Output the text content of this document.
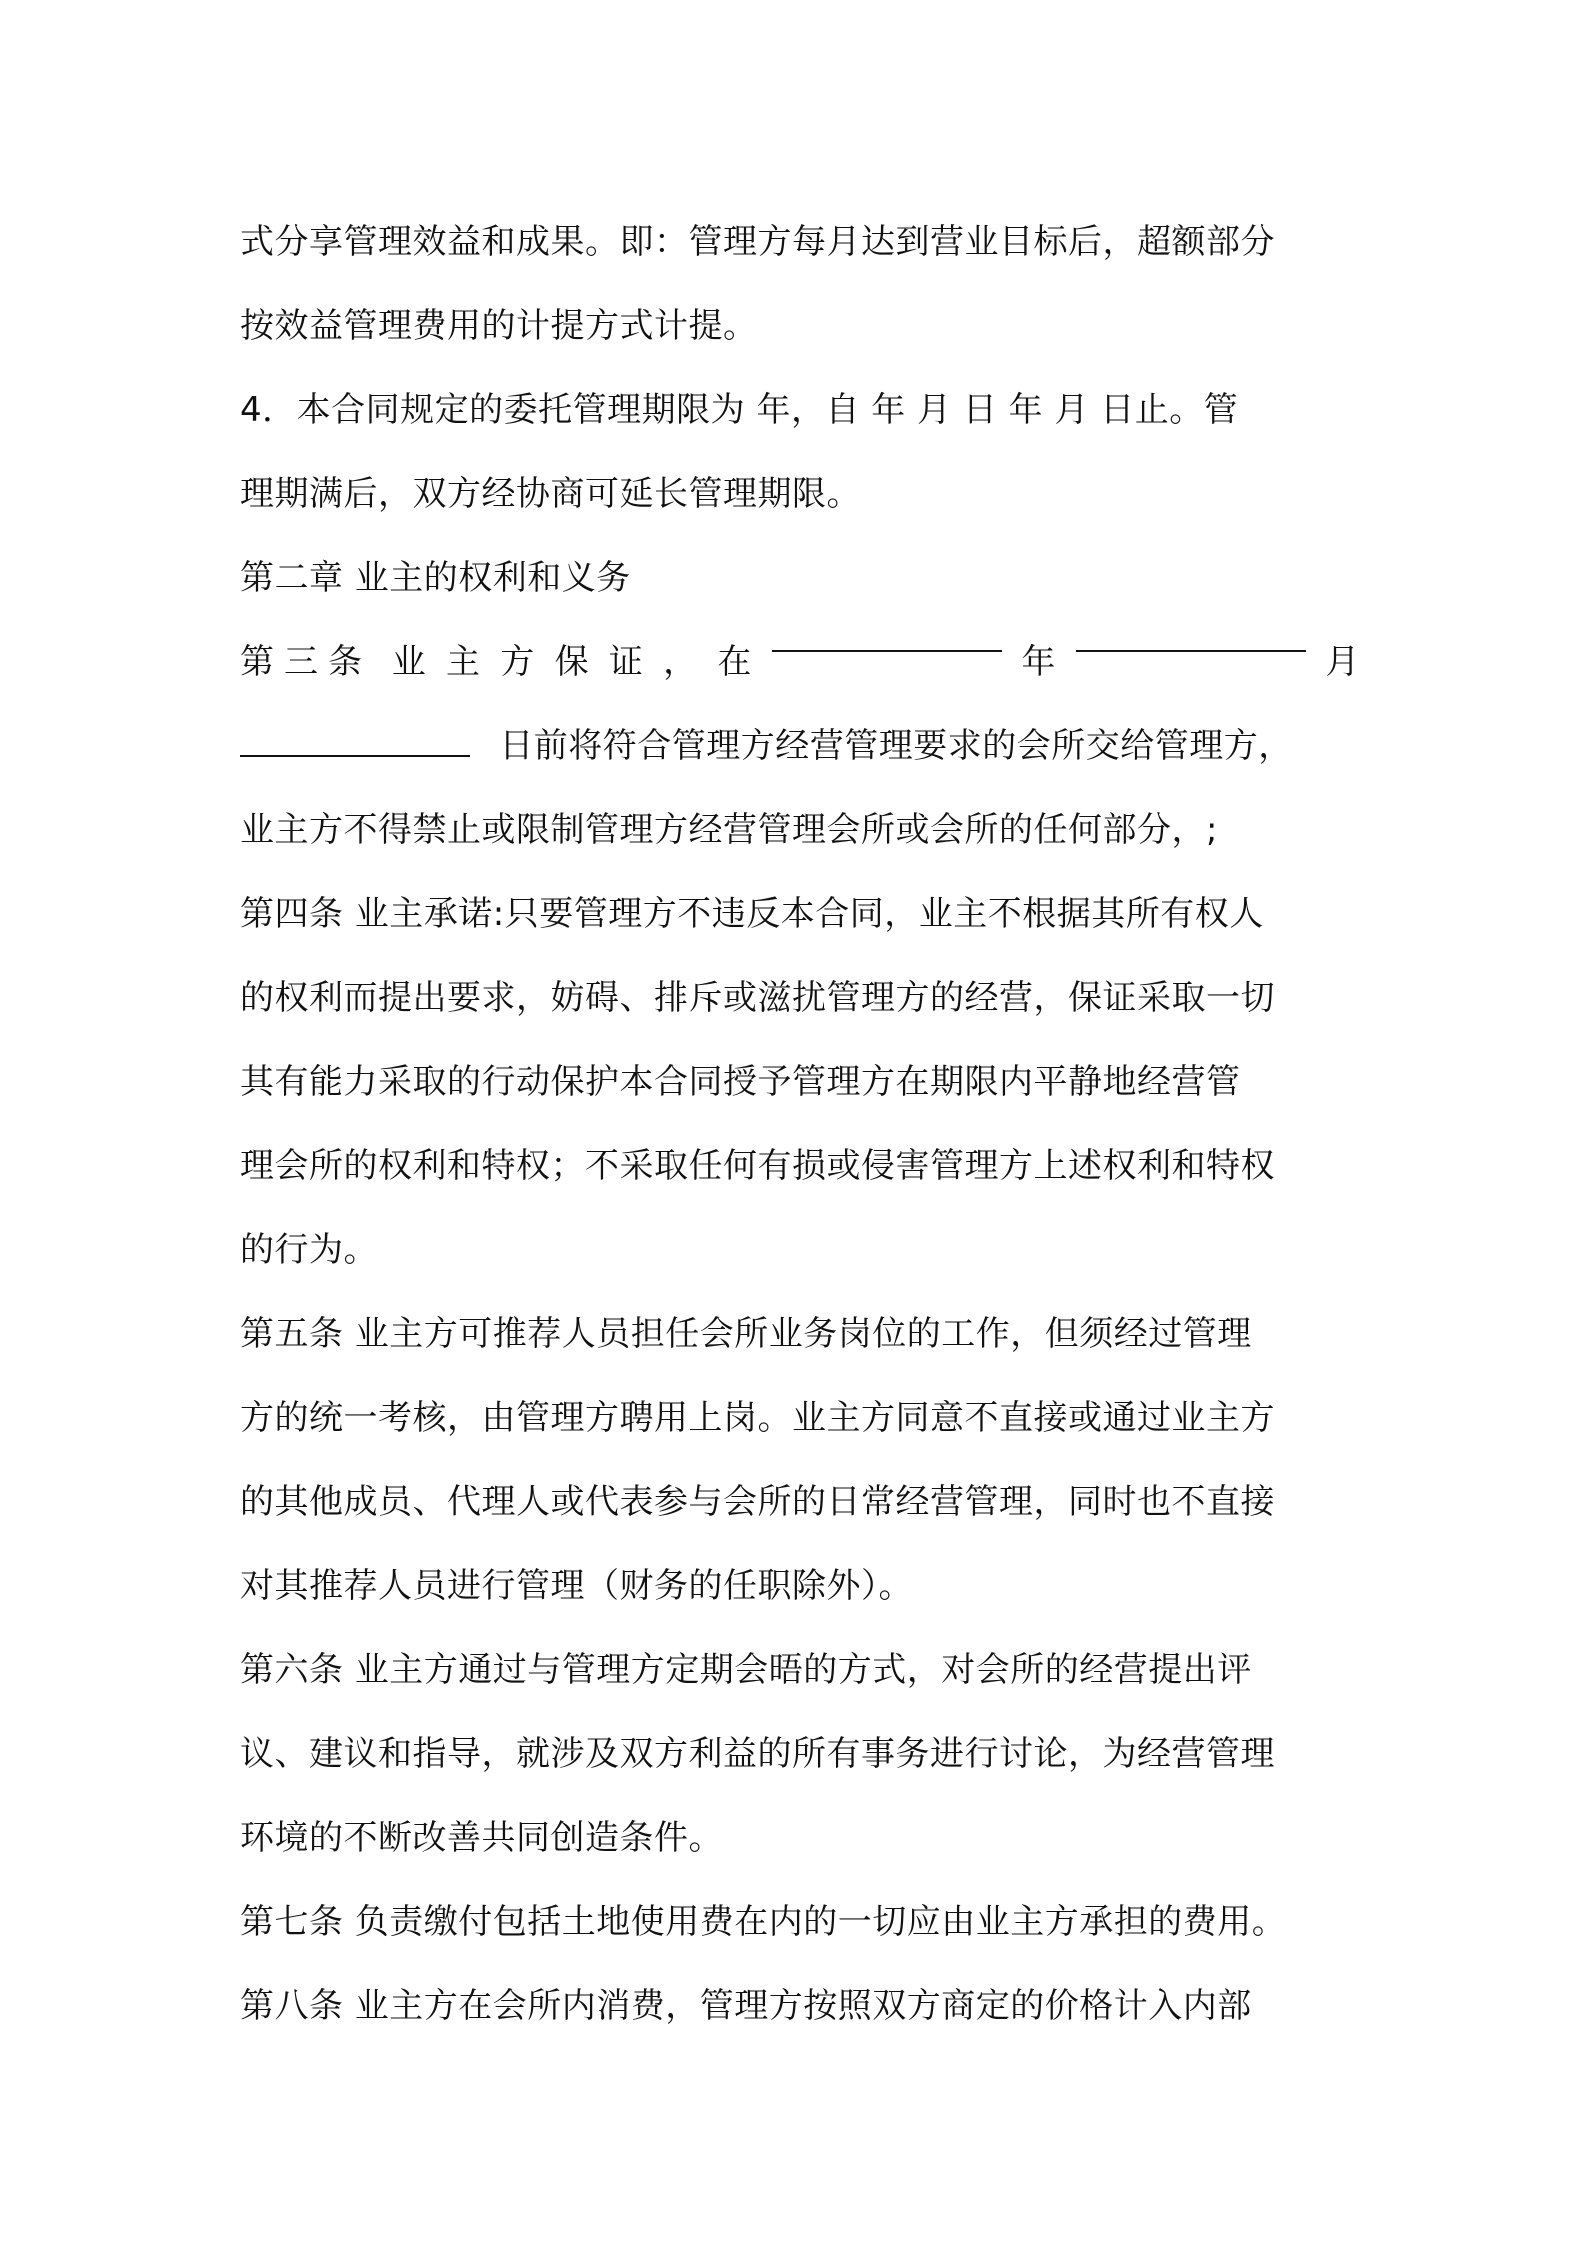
式分享管理效益和成果。即：管理方每月达到营业目标后，超额部分
按效益管理费用的计提方式计提。
4．本合同规定的委托管理期限为 年，自 年 月 日 年 月 日止。管
理期满后，双方经协商可延长管理期限。
第二章 业主的权利和义务
第三条 业 主 方 保 证 ， 在	年	月
日前将符合管理方经营管理要求的会所交给管理方，
业主方不得禁止或限制管理方经营管理会所或会所的任何部分，;
第四条 业主承诺:只要管理方不违反本合同，业主不根据其所有权人
的权利而提出要求，妨碍、排斥或滋扰管理方的经营，保证采取一切
其有能力采取的行动保护本合同授予管理方在期限内平静地经营管
理会所的权利和特权；不采取任何有损或侵害管理方上述权利和特权
的行为。
第五条 业主方可推荐人员担任会所业务岗位的工作，但须经过管理
方的统一考核，由管理方聘用上岗。业主方同意不直接或通过业主方
的其他成员、代理人或代表参与会所的日常经营管理，同时也不直接
对其推荐人员进行管理（财务的任职除外）。
第六条 业主方通过与管理方定期会晤的方式，对会所的经营提出评
议、建议和指导，就涉及双方利益的所有事务进行讨论，为经营管理
环境的不断改善共同创造条件。
第七条 负责缴付包括土地使用费在内的一切应由业主方承担的费用。
第八条 业主方在会所内消费，管理方按照双方商定的价格计入内部
